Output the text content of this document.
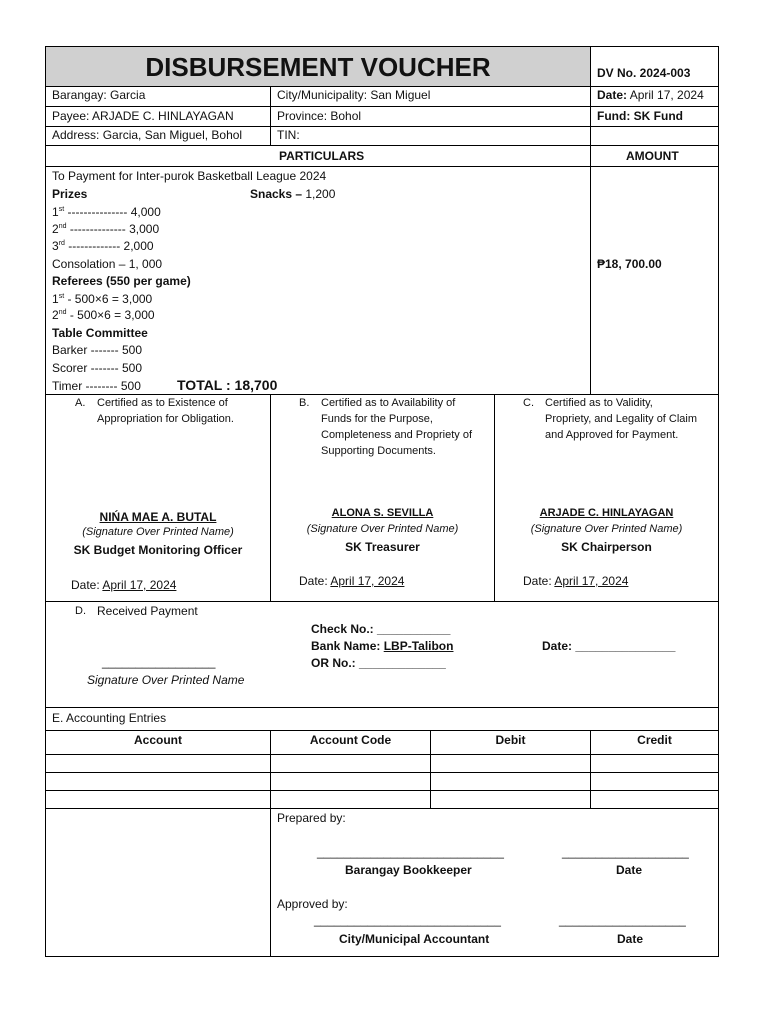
DISBURSEMENT VOUCHER	DV No. 2024-003
Barangay: Garcia	City/Municipality: San Miguel	Date: April 17, 2024
Payee: ARJADE C. HINLAYAGAN	Province: Bohol	Fund: SK Fund
Address: Garcia, San Miguel, Bohol	TIN:
PARTICULARS	AMOUNT
To Payment for Inter-purok Basketball League 2024
Prizes	Snacks – 1,200
1st --------------- 4,000
2nd -------------- 3,000
3rd ------------- 2,000
Consolation – 1, 000
Referees (550 per game)
1st - 500×6 = 3,000
2nd - 500×6 = 3,000
Table Committee
Barker ------- 500
Scorer ------- 500
Timer -------- 500	TOTAL : 18,700
₱18, 700.00
A. Certified as to Existence of
Appropriation for Obligation.
NIŃA MAE A. BUTAL
(Signature Over Printed Name)
SK Budget Monitoring Officer
Date: April 17, 2024
B. Certified as to Availability of
Funds for the Purpose,
Completeness and Propriety of
Supporting Documents.
ALONA S. SEVILLA
(Signature Over Printed Name)
SK Treasurer
Date: April 17, 2024
C. Certified as to Validity,
Propriety, and Legality of Claim
and Approved for Payment.
ARJADE C. HINLAYAGAN
(Signature Over Printed Name)
SK Chairperson
Date: April 17, 2024
D. Received Payment
Check No.: ___________
Bank Name: LBP-Talibon
OR No.: _____________
Date: _______________
_________________
Signature Over Printed Name
E. Accounting Entries
Account	Account Code	Debit	Credit
Prepared by:
____________________________
Barangay Bookkeeper
___________________
Date
Approved by:
____________________________
City/Municipal Accountant
___________________
Date
